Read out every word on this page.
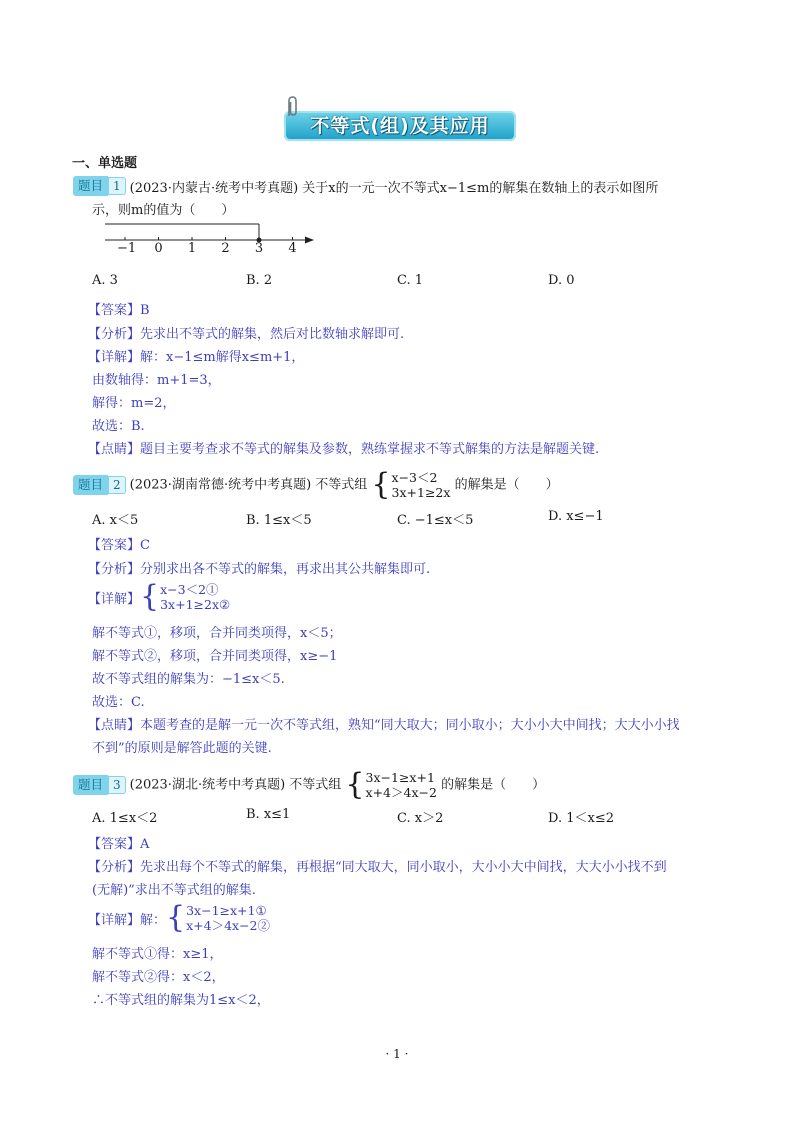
不等式(组)及其应用
一、单选题
题目 1 (2023·内蒙古·统考中考真题) 关于x的一元一次不等式x−1≤m的解集在数轴上的表示如图所
示，则m的值为（　　）
−1 0 1 2 3 4
A. 3	B. 2	C. 1	D. 0
【答案】B
【分析】先求出不等式的解集，然后对比数轴求解即可.
【详解】解：x−1≤m解得x≤m+1，
由数轴得：m+1=3，
解得：m=2，
故选：B.
【点睛】题目主要考查求不等式的解集及参数，熟练掌握求不等式解集的方法是解题关键.
题目 2 (2023·湖南常德·统考中考真题) 不等式组 { x−3＜2
3x+1≥2x 的解集是（　　）
A. x＜5	B. 1≤x＜5	C. −1≤x＜5	D. x≤−1
【答案】C
【分析】分别求出各不等式的解集，再求出其公共解集即可.
【详解】 { x−3＜2①
3x+1≥2x②
解不等式①，移项，合并同类项得，x＜5；
解不等式②，移项，合并同类项得，x≥−1
故不等式组的解集为：−1≤x＜5.
故选：C.
【点睛】本题考查的是解一元一次不等式组，熟知“同大取大；同小取小；大小小大中间找；大大小小找
不到”的原则是解答此题的关键.
题目 3 (2023·湖北·统考中考真题) 不等式组 { 3x−1≥x+1
x+4＞4x−2 的解集是（　　）
A. 1≤x＜2	B. x≤1	C. x＞2	D. 1＜x≤2
【答案】A
【分析】先求出每个不等式的解集，再根据“同大取大，同小取小，大小小大中间找，大大小小找不到
(无解)”求出不等式组的解集.
【详解】解： { 3x−1≥x+1①
x+4＞4x−2②
解不等式①得：x≥1，
解不等式②得：x＜2，
∴不等式组的解集为1≤x＜2，
· 1 ·
